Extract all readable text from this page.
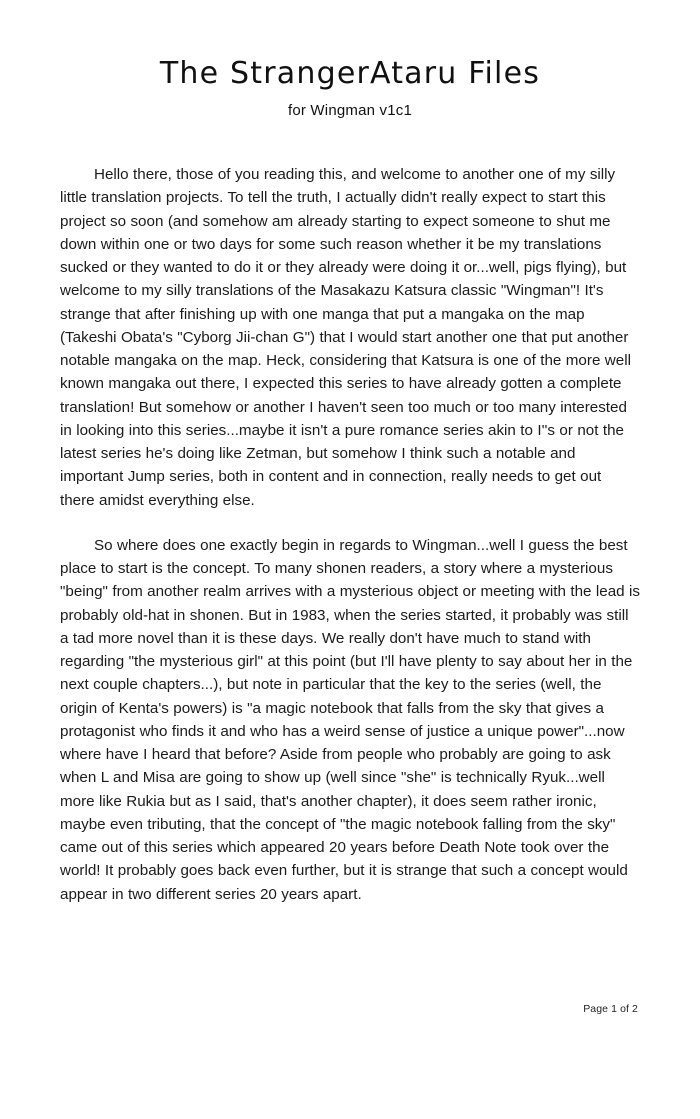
The StrangerAtaru Files
for Wingman v1c1

Hello there, those of you reading this, and welcome to another one of my silly little translation projects. To tell the truth, I actually didn't really expect to start this project so soon (and somehow am already starting to expect someone to shut me down within one or two days for some such reason whether it be my translations sucked or they wanted to do it or they already were doing it or...well, pigs flying), but welcome to my silly translations of the Masakazu Katsura classic "Wingman"! It's strange that after finishing up with one manga that put a mangaka on the map (Takeshi Obata's "Cyborg Jii-chan G") that I would start another one that put another notable mangaka on the map. Heck, considering that Katsura is one of the more well known mangaka out there, I expected this series to have already gotten a complete translation! But somehow or another I haven't seen too much or too many interested in looking into this series...maybe it isn't a pure romance series akin to I''s or not the latest series he's doing like Zetman, but somehow I think such a notable and important Jump series, both in content and in connection, really needs to get out there amidst everything else.

So where does one exactly begin in regards to Wingman...well I guess the best place to start is the concept. To many shonen readers, a story where a mysterious "being" from another realm arrives with a mysterious object or meeting with the lead is probably old-hat in shonen. But in 1983, when the series started, it probably was still a tad more novel than it is these days. We really don't have much to stand with regarding "the mysterious girl" at this point (but I'll have plenty to say about her in the next couple chapters...), but note in particular that the key to the series (well, the origin of Kenta's powers) is "a magic notebook that falls from the sky that gives a protagonist who finds it and who has a weird sense of justice a unique power"...now where have I heard that before? Aside from people who probably are going to ask when L and Misa are going to show up (well since "she" is technically Ryuk...well more like Rukia but as I said, that's another chapter), it does seem rather ironic, maybe even tributing, that the concept of "the magic notebook falling from the sky" came out of this series which appeared 20 years before Death Note took over the world! It probably goes back even further, but it is strange that such a concept would appear in two different series 20 years apart.

Page 1 of 2
